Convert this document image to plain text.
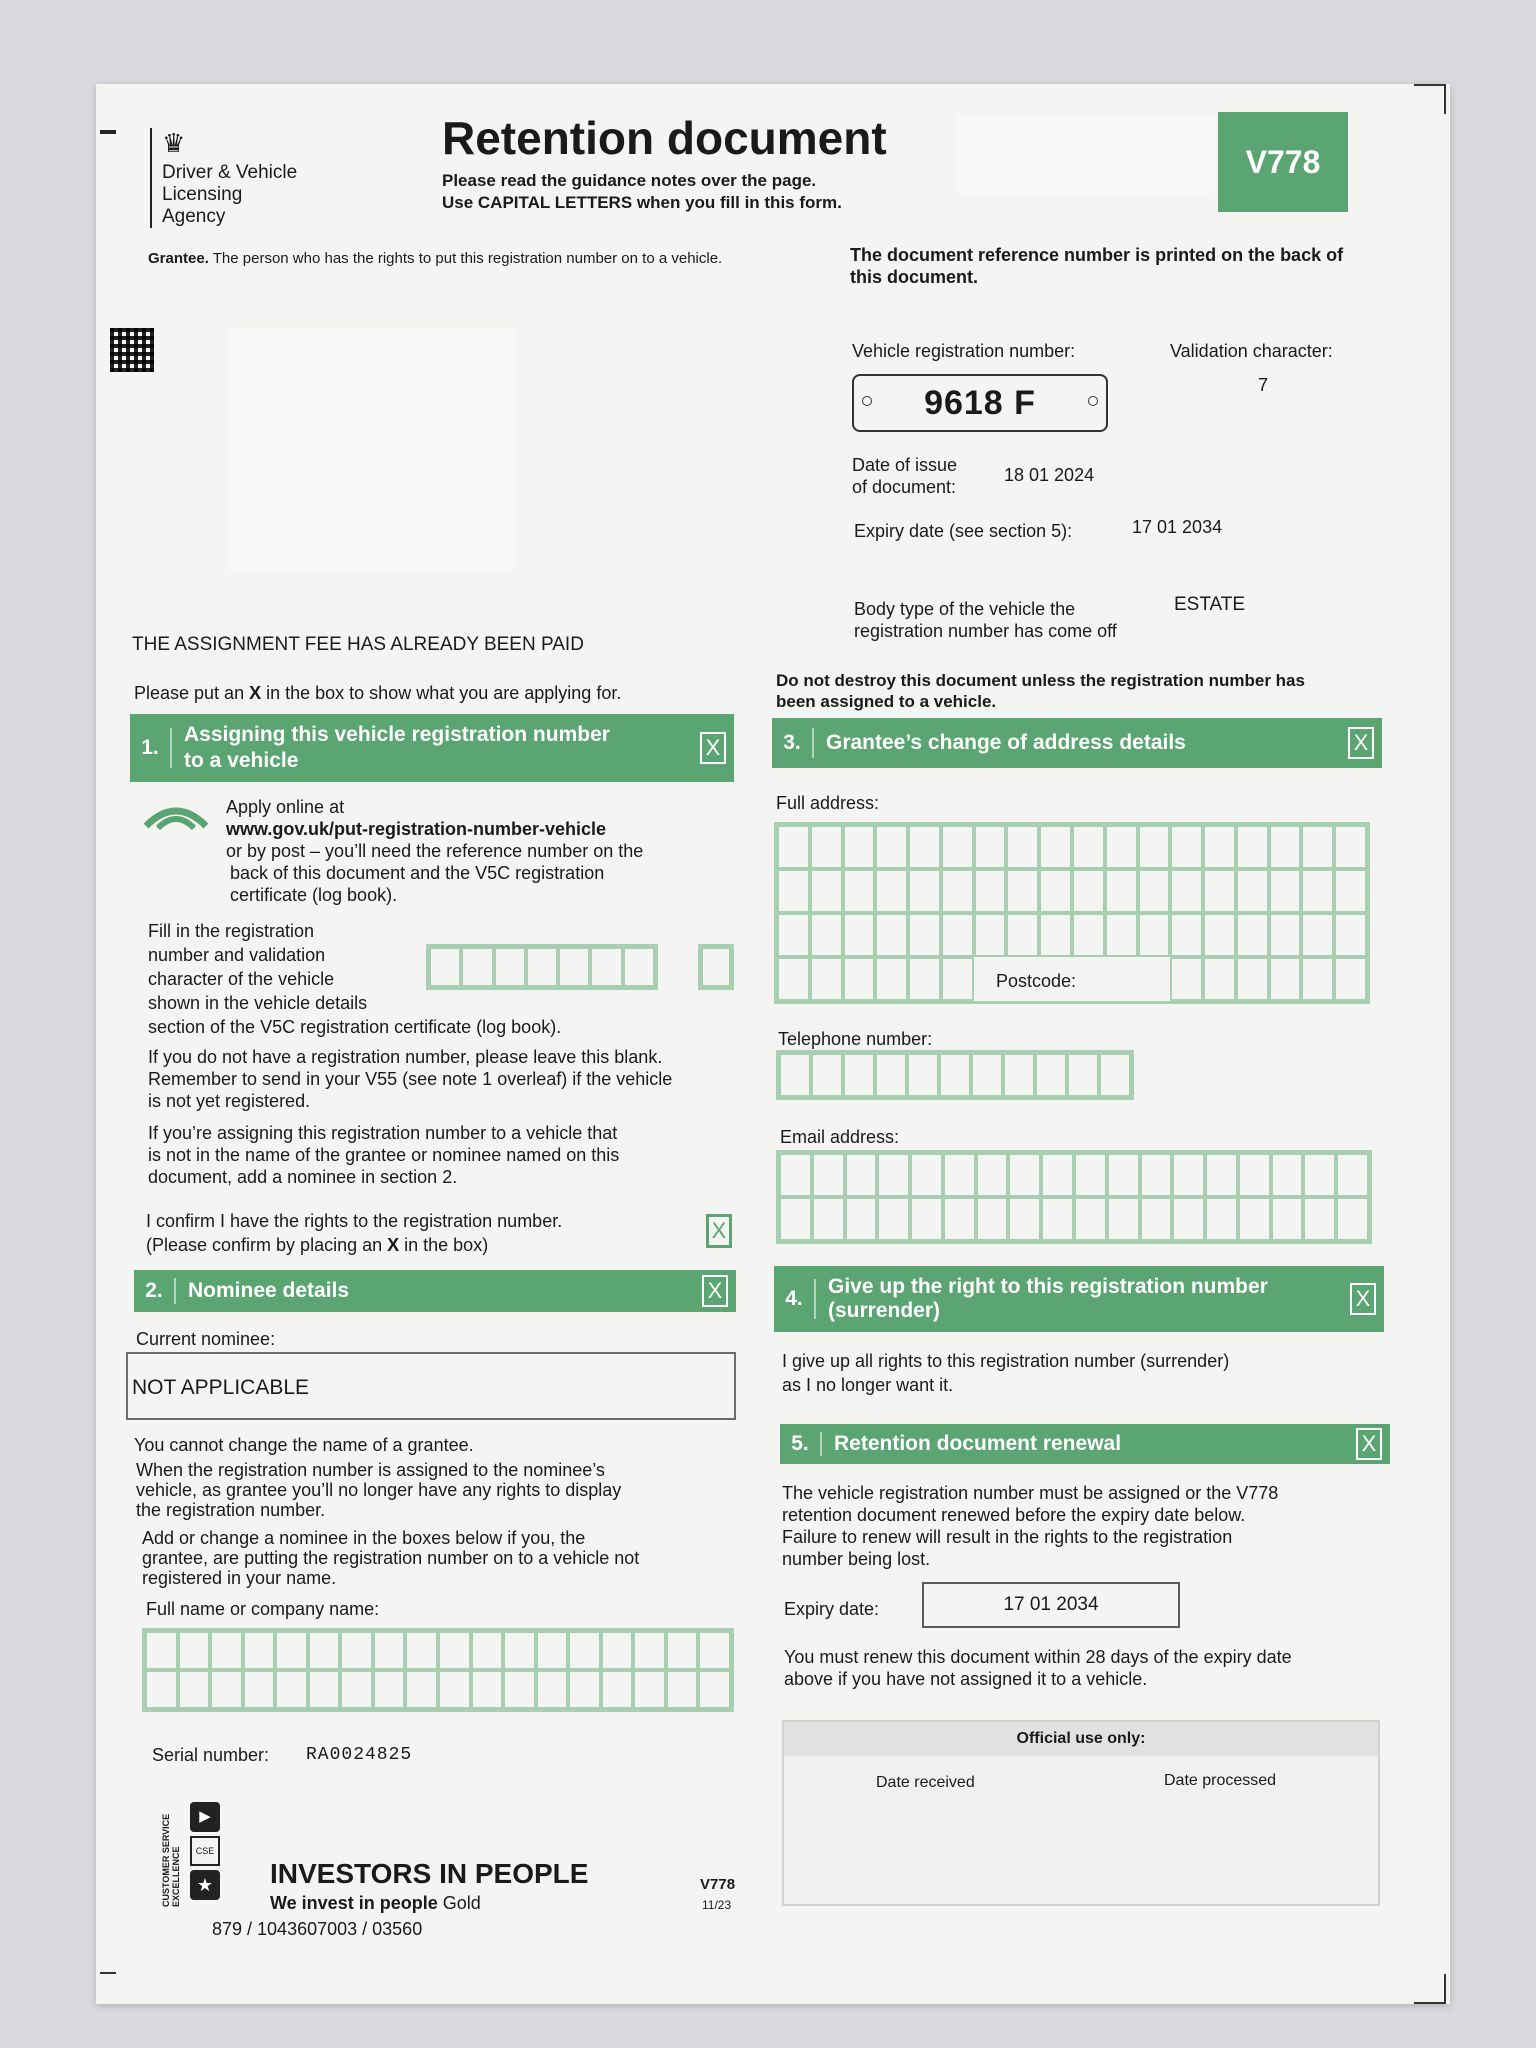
♛
Driver & Vehicle
Licensing
Agency
Retention document
Please read the guidance notes over the page.
Use CAPITAL LETTERS when you fill in this form.
V778
Grantee. The person who has the rights to put this registration number on to a vehicle.	The document reference number is printed on the back of this document.
Vehicle registration number:	Validation character:
9618 F	7
Date of issue
of document:
18 01 2024
Expiry date (see section 5):	17 01 2034
Body type of the vehicle the
registration number has come off
ESTATE
THE ASSIGNMENT FEE HAS ALREADY BEEN PAID
Please put an X in the box to show what you are applying for.
Do not destroy this document unless the registration number has been assigned to a vehicle.
1.
Assigning this vehicle registration number
to a vehicle
X
Apply online at
www.gov.uk/put-registration-number-vehicle
or by post – you’ll need the reference number on the
back of this document and the V5C registration
certificate (log book).
Fill in the registration
number and validation
character of the vehicle
shown in the vehicle details
section of the V5C registration certificate (log book).
If you do not have a registration number, please leave this blank.
Remember to send in your V55 (see note 1 overleaf) if the vehicle
is not yet registered.
If you’re assigning this registration number to a vehicle that
is not in the name of the grantee or nominee named on this
document, add a nominee in section 2.
I confirm I have the rights to the registration number.
(Please confirm by placing an X in the box)
X
2.	Nominee details	X
Current nominee:
NOT APPLICABLE
You cannot change the name of a grantee.
When the registration number is assigned to the nominee’s
vehicle, as grantee you’ll no longer have any rights to display
the registration number.
Add or change a nominee in the boxes below if you, the
grantee, are putting the registration number on to a vehicle not
registered in your name.
Full name or company name:
3.	Grantee’s change of address details	X
Full address:
Postcode:
Telephone number:
Email address:
4.
Give up the right to this registration number
(surrender)	X
I give up all rights to this registration number (surrender)
as I no longer want it.
5.	Retention document renewal	X
The vehicle registration number must be assigned or the V778
retention document renewed before the expiry date below.
Failure to renew will result in the rights to the registration
number being lost.
Expiry date:	17 01 2034
You must renew this document within 28 days of the expiry date
above if you have not assigned it to a vehicle.
Official use only:
Date received	Date processed
Serial number: RA0024825
CUSTOMER SERVICE EXCELLENCE
▶
CSE
★ INVESTORS IN PEOPLE
We invest in people Gold
879 / 1043607003 / 03560
V778
11/23
